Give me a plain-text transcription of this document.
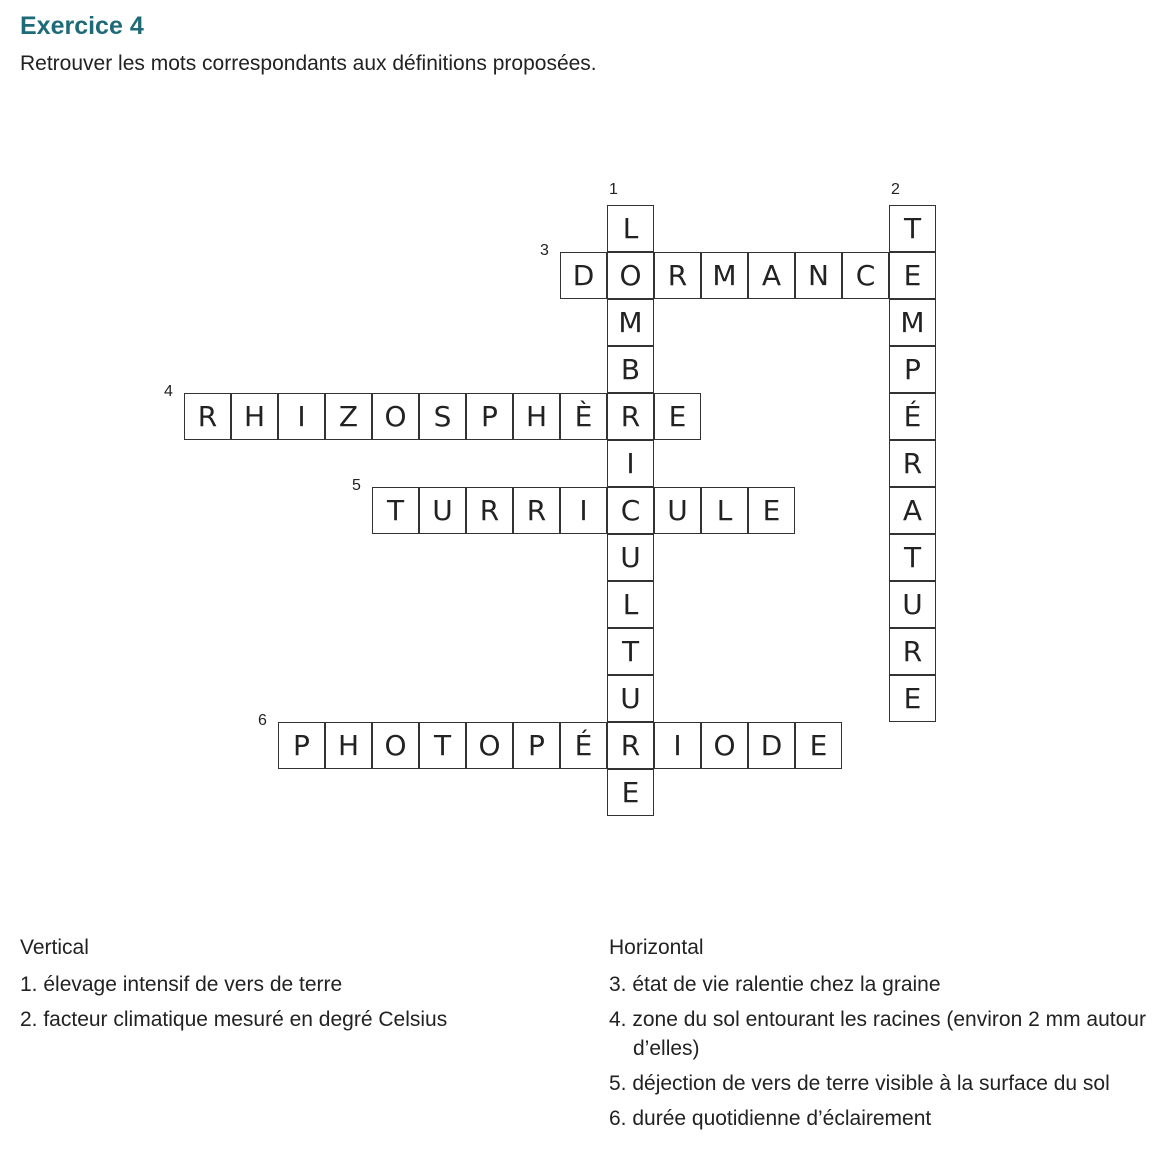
Exercice 4
Retrouver les mots correspondants aux définitions proposées.
1
L
O
M
B
R
I
C
U
L
T
U
R
E
2
T
E
M
P
É
R
A
T
U
R
E
3
D	R M A N C
4
R H	I	Z O S	P	H È	E
5
T	U R R	I	U	L	E
6
P	H O T O P	É	I	O D E
Vertical
1. élevage intensif de vers de terre
2. facteur climatique mesuré en degré Celsius
Horizontal
3. état de vie ralentie chez la graine
4. zone du sol entourant les racines (environ 2 mm autour d’elles)
5. déjection de vers de terre visible à la surface du sol
6. durée quotidienne d’éclairement
